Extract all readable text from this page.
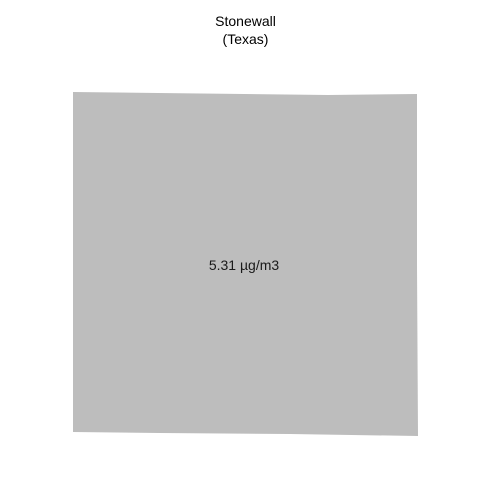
Stonewall
(Texas)
5.31 µg/m3
